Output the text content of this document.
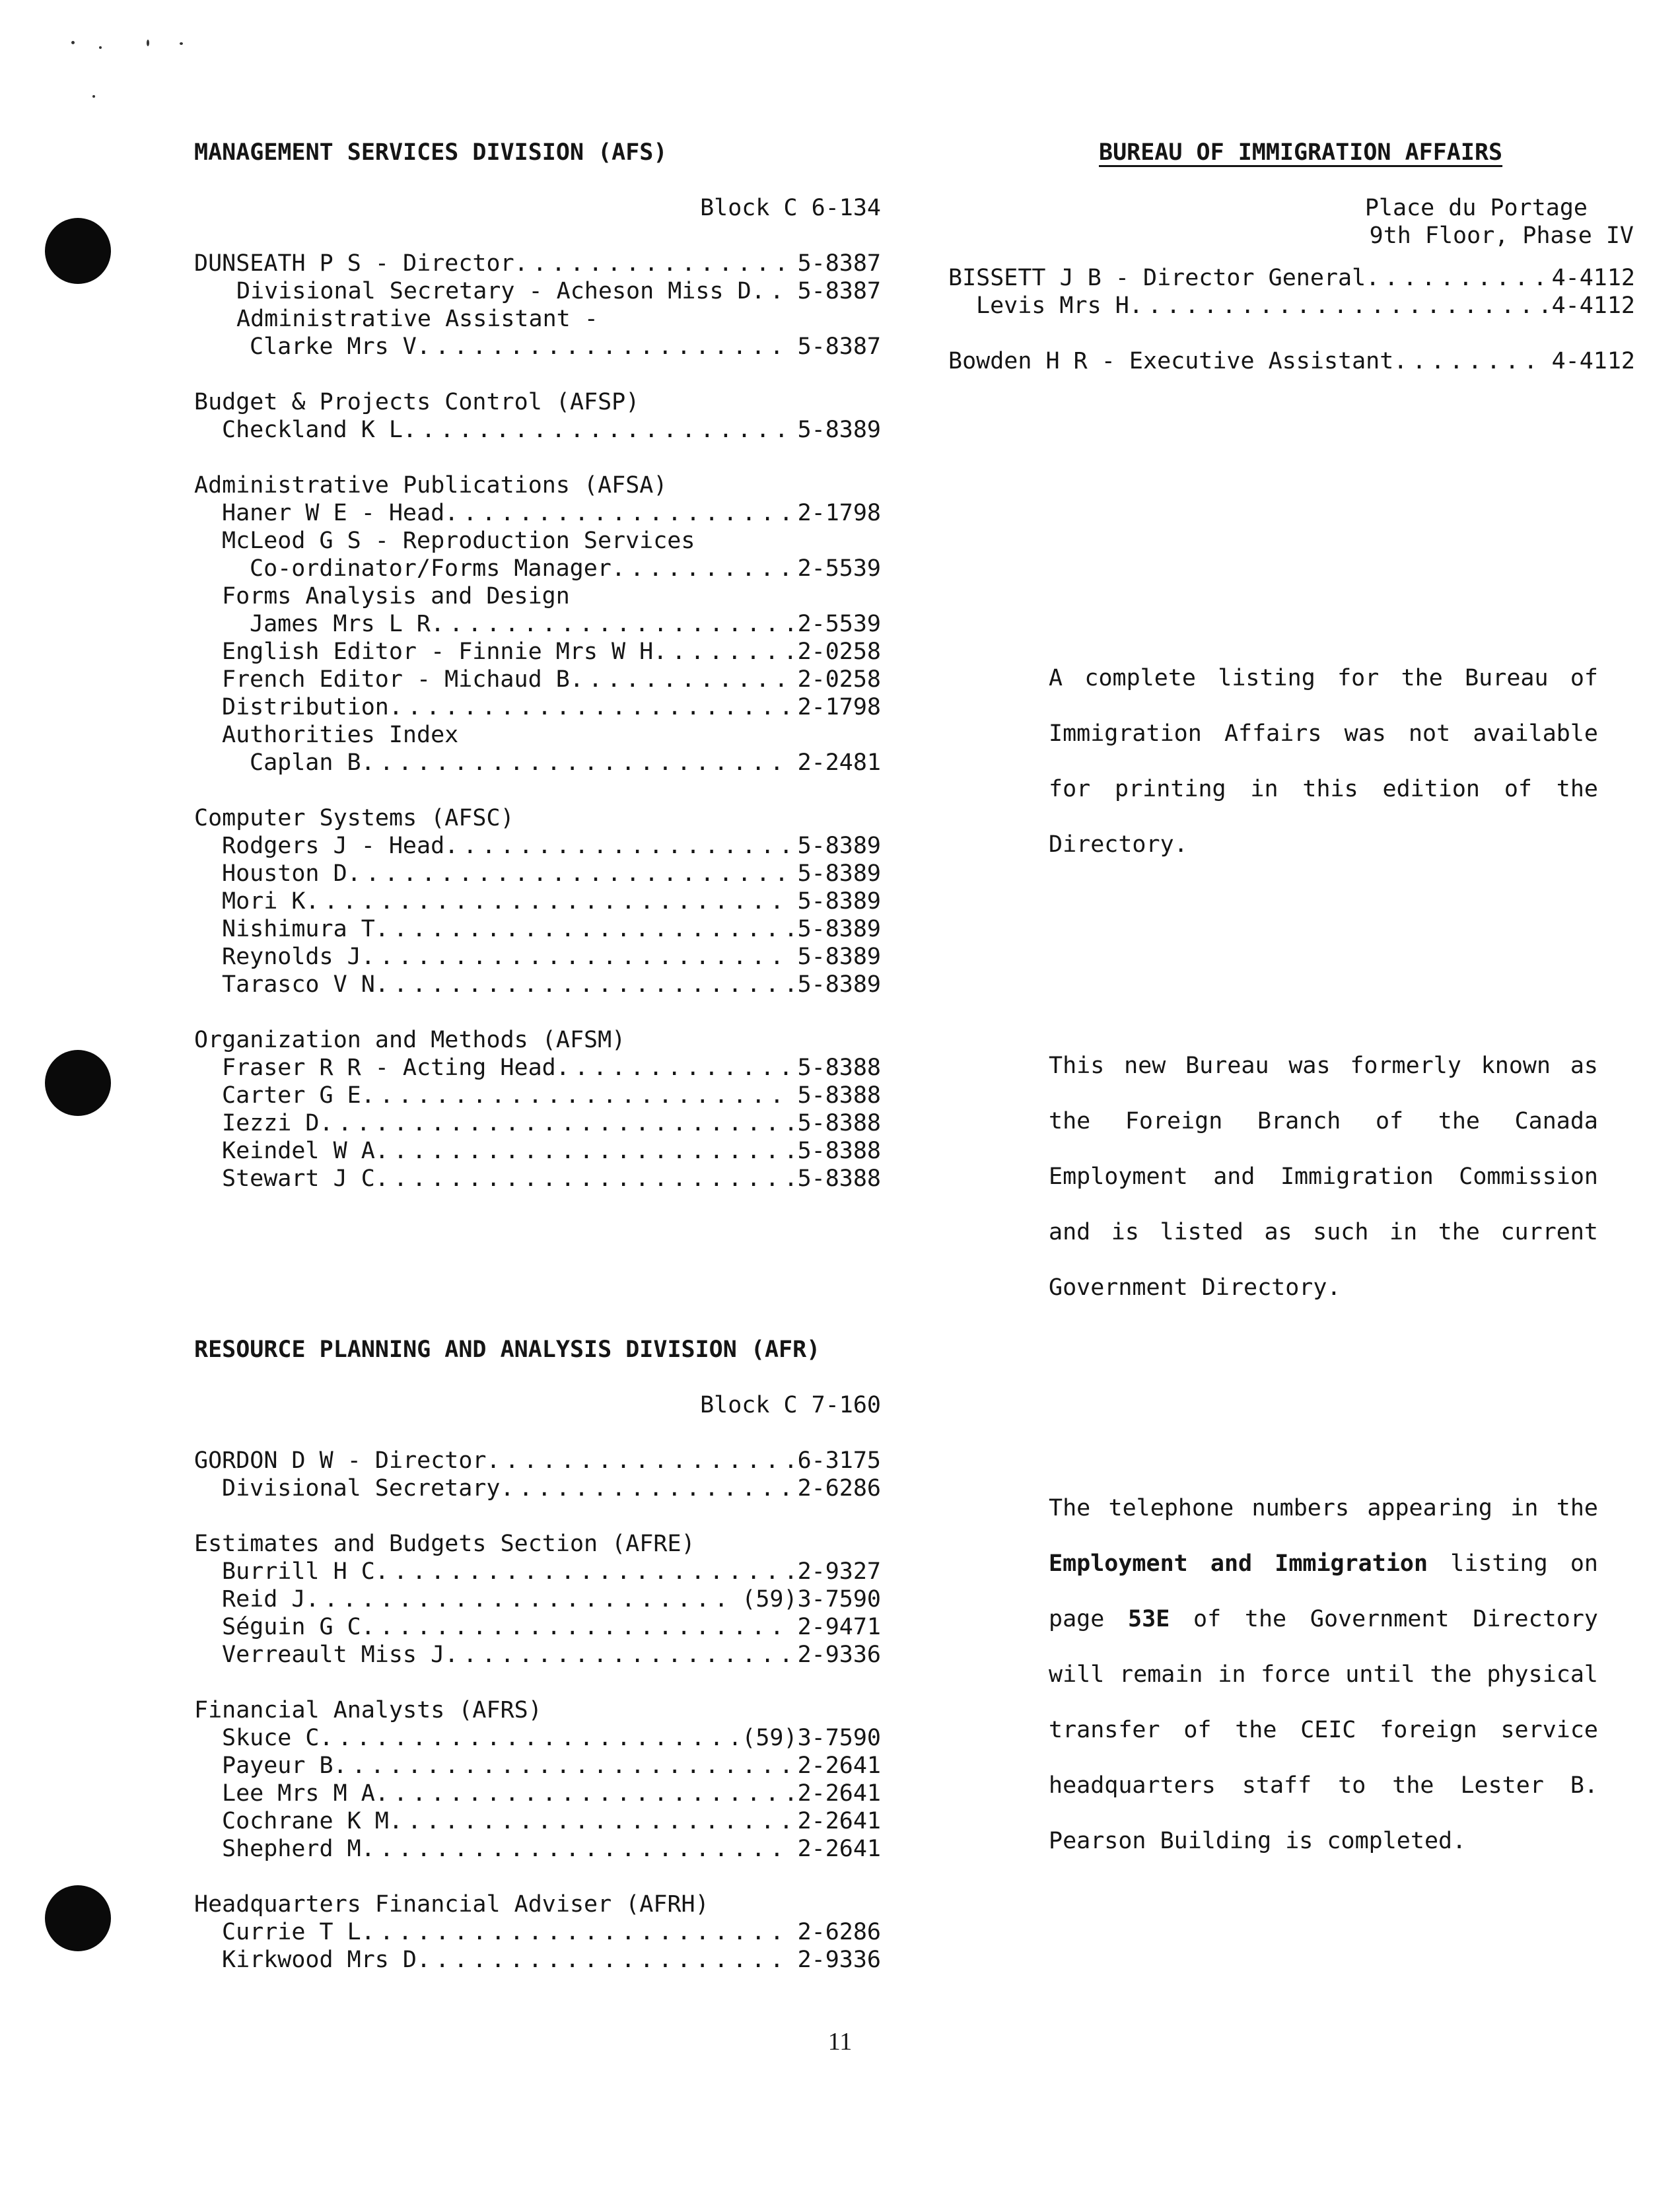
MANAGEMENT SERVICES DIVISION (AFS)
Block C 6-134
DUNSEATH P S - Director . . .	5-8387
Divisional Secretary - Acheson Miss D . . . 5-8387
Administrative Assistant -
Clarke Mrs V . . .	5-8387
Budget & Projects Control (AFSP)
Checkland K L . . .	5-8389
Administrative Publications (AFSA)
Haner W E - Head . . .	2-1798
McLeod G S - Reproduction Services
Co-ordinator/Forms Manager . . .	2-5539
Forms Analysis and Design
James Mrs L R . . .	2-5539
English Editor - Finnie Mrs W H . . .	2-0258
French Editor - Michaud B . . .	2-0258
Distribution . . .	2-1798
Authorities Index
Caplan B . . .	2-2481
Computer Systems (AFSC)
Rodgers J - Head . . .	5-8389
Houston D . . .	5-8389
Mori K . . .	5-8389
Nishimura T . . .	5-8389
Reynolds J . . .	5-8389
Tarasco V N . . .	5-8389
Organization and Methods (AFSM)
Fraser R R - Acting Head . . .	5-8388
Carter G E . . .	5-8388
Iezzi D . . .	5-8388
Keindel W A . . .	5-8388
Stewart J C . . .	5-8388
RESOURCE PLANNING AND ANALYSIS DIVISION (AFR)
Block C 7-160
GORDON D W - Director . . .	6-3175
Divisional Secretary . . .	2-6286
Estimates and Budgets Section (AFRE)
Burrill H C . . .	2-9327
Reid J . . .	(59)3-7590
Séguin G C . . .	2-9471
Verreault Miss J . . .	2-9336
Financial Analysts (AFRS)
Skuce C . . .	(59)3-7590
Payeur B . . .	2-2641
Lee Mrs M A . . .	2-2641
Cochrane K M . . .	2-2641
Shepherd M . . .	2-2641
Headquarters Financial Adviser (AFRH)
Currie T L . . .	2-6286
Kirkwood Mrs D . . .	2-9336
BUREAU OF IMMIGRATION AFFAIRS
Place du Portage
9th Floor, Phase IV
BISSETT J B - Director General . . .	4-4112
Levis Mrs H . . .	4-4112
Bowden H R - Executive Assistant . . .	4-4112
A complete listing for the Bureau of Immigration Affairs was not available for printing in this edition of the Directory.
This new Bureau was formerly known as the Foreign Branch of the Canada Employment and Immigration Commission and is listed as such in the current Government Directory.
The telephone numbers appearing in the Employment and Immigration listing on page 53E of the Government Directory will remain in force until the physical transfer of the CEIC foreign service headquarters staff to the Lester B. Pearson Building is completed.
11
